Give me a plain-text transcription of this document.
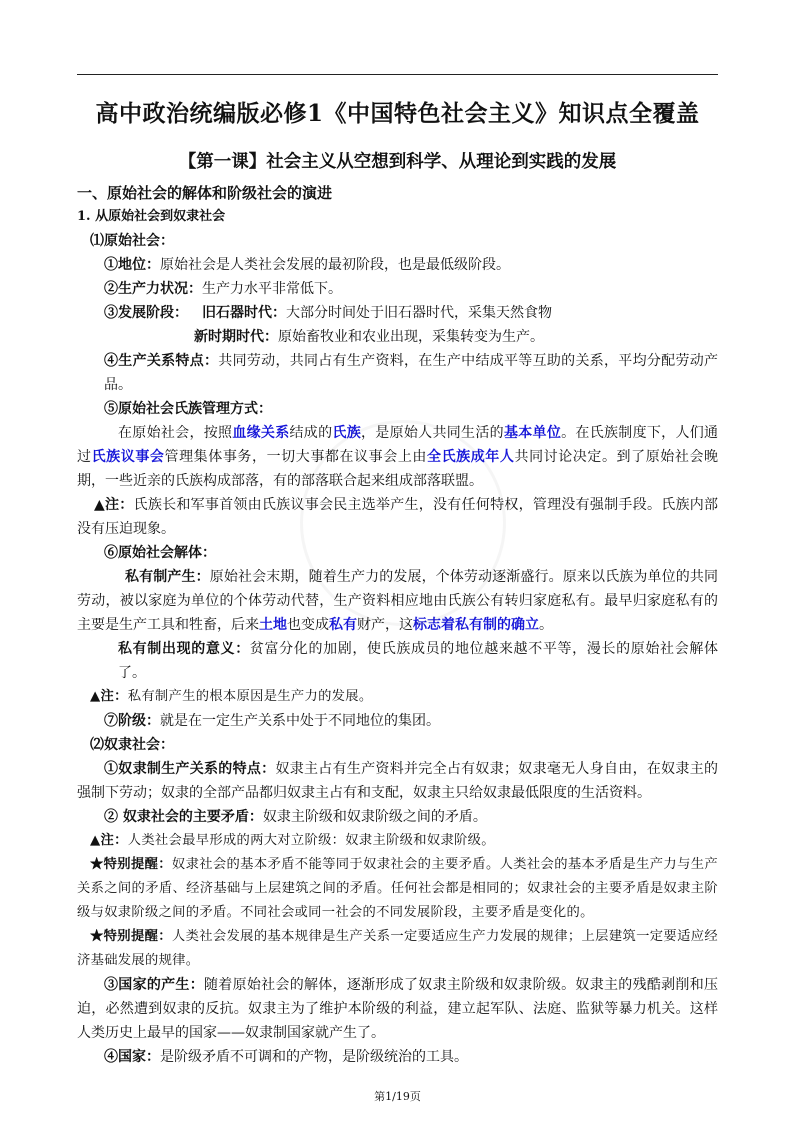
高中政治统编版必修1《中国特色社会主义》知识点全覆盖
【第一课】社会主义从空想到科学、从理论到实践的发展

一、原始社会的解体和阶级社会的演进

1. 从原始社会到奴隶社会

⑴原始社会：

①地位：原始社会是人类社会发展的最初阶段，也是最低级阶段。

②生产力状况：生产力水平非常低下。

③发展阶段： 旧石器时代：大部分时间处于旧石器时代，采集天然食物

新时期时代：原始畜牧业和农业出现，采集转变为生产。

④生产关系特点：共同劳动，共同占有生产资料，在生产中结成平等互助的关系，平均分配劳动产品。

⑤原始社会氏族管理方式：

在原始社会，按照血缘关系结成的氏族，是原始人共同生活的基本单位。在氏族制度下，人们通过氏族议事会管理集体事务，一切大事都在议事会上由全氏族成年人共同讨论决定。到了原始社会晚期，一些近亲的氏族构成部落，有的部落联合起来组成部落联盟。

▲注：氏族长和军事首领由氏族议事会民主选举产生，没有任何特权，管理没有强制手段。氏族内部没有压迫现象。

⑥原始社会解体：

私有制产生：原始社会末期，随着生产力的发展，个体劳动逐渐盛行。原来以氏族为单位的共同劳动，被以家庭为单位的个体劳动代替，生产资料相应地由氏族公有转归家庭私有。最早归家庭私有的主要是生产工具和牲畜，后来土地也变成私有财产，这标志着私有制的确立。

私有制出现的意义：贫富分化的加剧，使氏族成员的地位越来越不平等，漫长的原始社会解体了。

▲注：私有制产生的根本原因是生产力的发展。

⑦阶级：就是在一定生产关系中处于不同地位的集团。

⑵奴隶社会：

①奴隶制生产关系的特点：奴隶主占有生产资料并完全占有奴隶；奴隶毫无人身自由，在奴隶主的强制下劳动；奴隶的全部产品都归奴隶主占有和支配，奴隶主只给奴隶最低限度的生活资料。

② 奴隶社会的主要矛盾：奴隶主阶级和奴隶阶级之间的矛盾。

▲注：人类社会最早形成的两大对立阶级：奴隶主阶级和奴隶阶级。

★特别提醒：奴隶社会的基本矛盾不能等同于奴隶社会的主要矛盾。人类社会的基本矛盾是生产力与生产关系之间的矛盾、经济基础与上层建筑之间的矛盾。任何社会都是相同的；奴隶社会的主要矛盾是奴隶主阶级与奴隶阶级之间的矛盾。不同社会或同一社会的不同发展阶段，主要矛盾是变化的。

★特别提醒：人类社会发展的基本规律是生产关系一定要适应生产力发展的规律；上层建筑一定要适应经济基础发展的规律。

③国家的产生：随着原始社会的解体，逐渐形成了奴隶主阶级和奴隶阶级。奴隶主的残酷剥削和压迫，必然遭到奴隶的反抗。奴隶主为了维护本阶级的利益，建立起军队、法庭、监狱等暴力机关。这样人类历史上最早的国家——奴隶制国家就产生了。

④国家：是阶级矛盾不可调和的产物，是阶级统治的工具。

第1/19页
